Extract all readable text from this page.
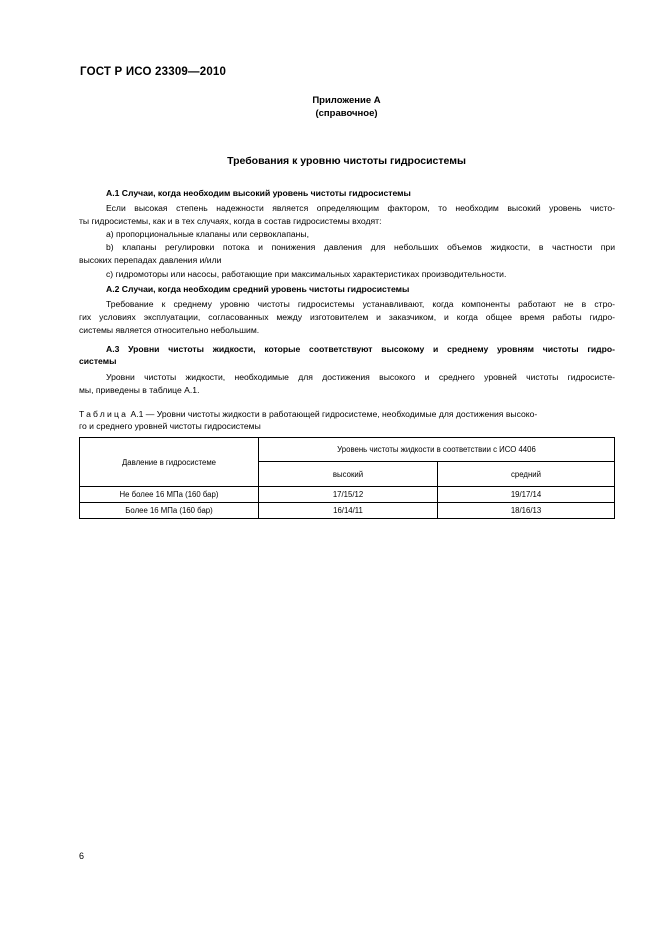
ГОСТ Р ИСО 23309—2010
Приложение А
(справочное)
Требования к уровню чистоты гидросистемы
А.1 Случаи, когда необходим высокий уровень чистоты гидросистемы
Если высокая степень надежности является определяющим фактором, то необходим высокий уровень чисто-
ты гидросистемы, как и в тех случаях, когда в состав гидросистемы входят:
a) пропорциональные клапаны или сервоклапаны,
b) клапаны регулировки потока и понижения давления для небольших объемов жидкости, в частности при
высоких перепадах давления и/или
c) гидромоторы или насосы, работающие при максимальных характеристиках производительности.
А.2 Случаи, когда необходим средний уровень чистоты гидросистемы
Требование к среднему уровню чистоты гидросистемы устанавливают, когда компоненты работают не в стро-
гих условиях эксплуатации, согласованных между изготовителем и заказчиком, и когда общее время работы гидро-
системы является относительно небольшим.
А.3 Уровни чистоты жидкости, которые соответствуют высокому и среднему уровням чистоты гидро-
системы
Уровни чистоты жидкости, необходимые для достижения высокого и среднего уровней чистоты гидросисте-
мы, приведены в таблице А.1.
Таблица А.1 — Уровни чистоты жидкости в работающей гидросистеме, необходимые для достижения высоко-
го и среднего уровней чистоты гидросистемы
Давление в гидросистеме	Уровень чистоты жидкости в соответствии с ИСО 4406	
	высокий	средний
Не более 16 МПа (160 бар)	17/15/12	19/17/14
Более 16 МПа (160 бар)	16/14/11	18/16/13
6
